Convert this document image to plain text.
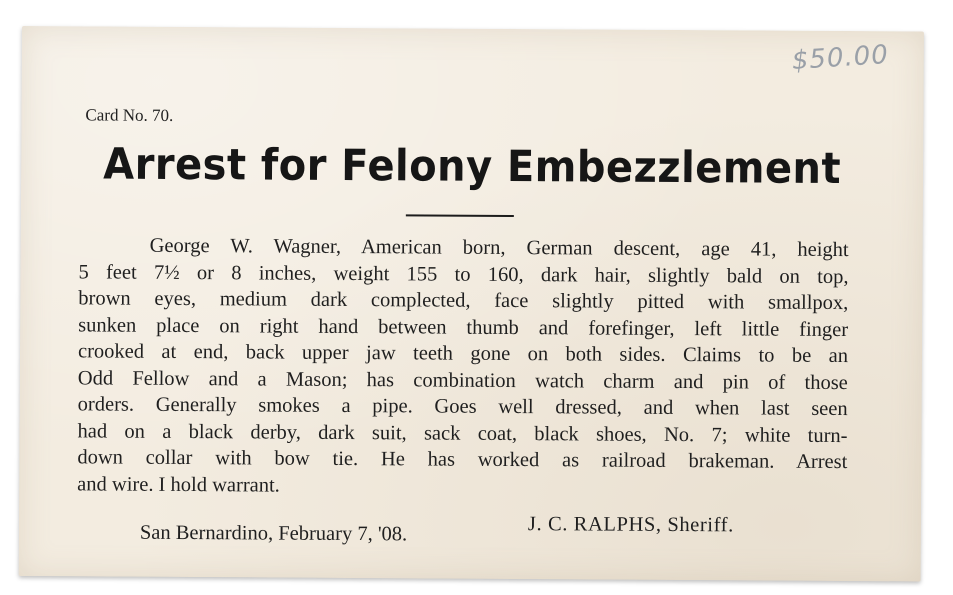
$50.00
Card No. 70.
Arrest for Felony Embezzlement
George W. Wagner, American born, German descent, age 41, height
5 feet 7½ or 8 inches, weight 155 to 160, dark hair, slightly bald on top,
brown eyes, medium dark complected, face slightly pitted with smallpox,
sunken place on right hand between thumb and forefinger, left little finger
crooked at end, back upper jaw teeth gone on both sides. Claims to be an
Odd Fellow and a Mason; has combination watch charm and pin of those
orders. Generally smokes a pipe. Goes well dressed, and when last seen
had on a black derby, dark suit, sack coat, black shoes, No. 7; white turn-
down collar with bow tie. He has worked as railroad brakeman. Arrest
and wire. I hold warrant.
San Bernardino, February 7, '08.	J. C. RALPHS, Sheriff.
